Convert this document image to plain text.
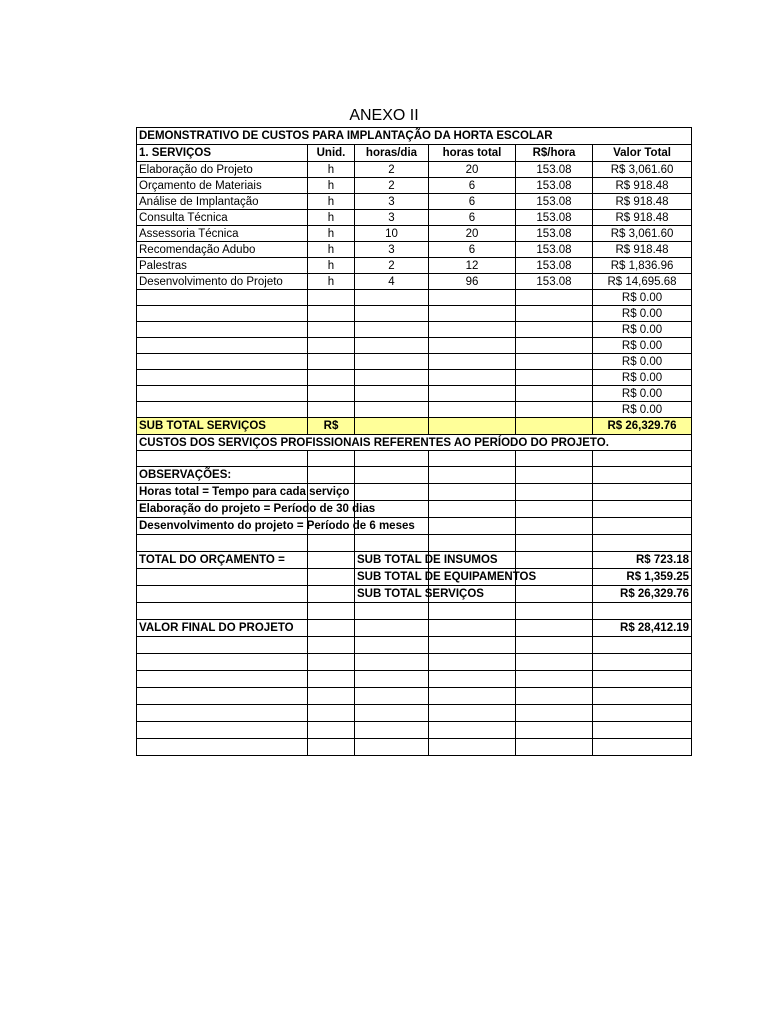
ANEXO II
DEMONSTRATIVO DE CUSTOS PARA IMPLANTAÇÃO DA HORTA ESCOLAR					
1. SERVIÇOS	Unid.	horas/dia	horas total	R$/hora	Valor Total
Elaboração do Projeto	h	2	20	153.08	R$ 3,061.60
Orçamento de Materiais	h	2	6	153.08	R$ 918.48
Análise de Implantação	h	3	6	153.08	R$ 918.48
Consulta Técnica	h	3	6	153.08	R$ 918.48
Assessoria Técnica	h	10	20	153.08	R$ 3,061.60
Recomendação Adubo	h	3	6	153.08	R$ 918.48
Palestras	h	2	12	153.08	R$ 1,836.96
Desenvolvimento do Projeto	h	4	96	153.08	R$ 14,695.68
					R$ 0.00
					R$ 0.00
					R$ 0.00
					R$ 0.00
					R$ 0.00
					R$ 0.00
					R$ 0.00
					R$ 0.00
SUB TOTAL SERVIÇOS	R$				R$ 26,329.76
CUSTOS DOS SERVIÇOS PROFISSIONAIS REFERENTES AO PERÍODO DO PROJETO.					

OBSERVAÇÕES:					
Horas total = Tempo para cada serviço					
Elaboração do projeto = Período de 30 dias					
Desenvolvimento do projeto = Período de 6 meses					

TOTAL DO ORÇAMENTO =		SUB TOTAL DE INSUMOS			R$ 723.18
		SUB TOTAL DE EQUIPAMENTOS			R$ 1,359.25
		SUB TOTAL SERVIÇOS			R$ 26,329.76

VALOR FINAL DO PROJETO					R$ 28,412.19
